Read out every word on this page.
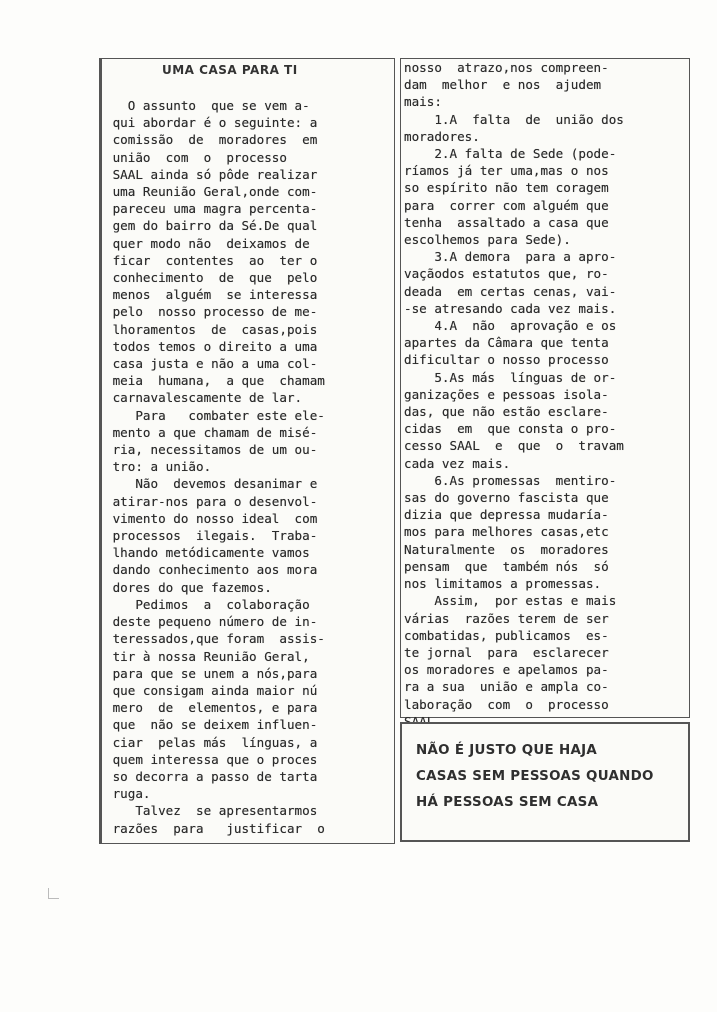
UMA CASA PARA TI
O assunto  que se vem a-
qui abordar é o seguinte: a
comissão  de  moradores  em
união  com  o  processo
SAAL ainda só pôde realizar
uma Reunião Geral,onde com-
pareceu uma magra percenta-
gem do bairro da Sé.De qual
quer modo não  deixamos de
ficar  contentes  ao  ter o
conhecimento  de  que  pelo
menos  alguém  se interessa
pelo  nosso processo de me-
lhoramentos  de  casas,pois
todos temos o direito a uma
casa justa e não a uma col-
meia  humana,  a que  chamam
carnavalescamente de lar.
Para   combater este ele-
mento a que chamam de misé-
ria, necessitamos de um ou-
tro: a união.
Não  devemos desanimar e
atirar-nos para o desenvol-
vimento do nosso ideal  com
processos  ilegais.  Traba-
lhando metódicamente vamos
dando conhecimento aos mora
dores do que fazemos.
Pedimos  a  colaboração
deste pequeno número de in-
teressados,que foram  assis-
tir à nossa Reunião Geral,
para que se unem a nós,para
que consigam ainda maior nú
mero  de  elementos, e para
que  não se deixem influen-
ciar  pelas más  línguas, a
quem interessa que o proces
so decorra a passo de tarta
ruga.
Talvez  se apresentarmos
razões  para   justificar  o
nosso  atrazo,nos compreen-
dam  melhor  e nos  ajudem
mais:
1.A  falta  de  união dos
moradores.
2.A falta de Sede (pode-
ríamos já ter uma,mas o nos
so espírito não tem coragem
para  correr com alguém que
tenha  assaltado a casa que
escolhemos para Sede).
3.A demora  para a apro-
vaçãodos estatutos que, ro-
deada  em certas cenas, vai-
-se atresando cada vez mais.
4.A  não  aprovação e os
apartes da Câmara que tenta
dificultar o nosso processo
5.As más  línguas de or-
ganizações e pessoas isola-
das, que não estão esclare-
cidas  em  que consta o pro-
cesso SAAL  e  que  o  travam
cada vez mais.
6.As promessas  mentiro-
sas do governo fascista que
dizia que depressa mudaría-
mos para melhores casas,etc
Naturalmente  os  moradores
pensam  que  também nós  só
nos limitamos a promessas.
Assim,  por estas e mais
várias  razões terem de ser
combatidas, publicamos  es-
te jornal  para  esclarecer
os moradores e apelamos pa-
ra a sua  união e ampla co-
laboração  com  o  processo

NÃO É JUSTO QUE HAJA
CASAS SEM PESSOAS QUANDO
HÁ PESSOAS SEM CASA
